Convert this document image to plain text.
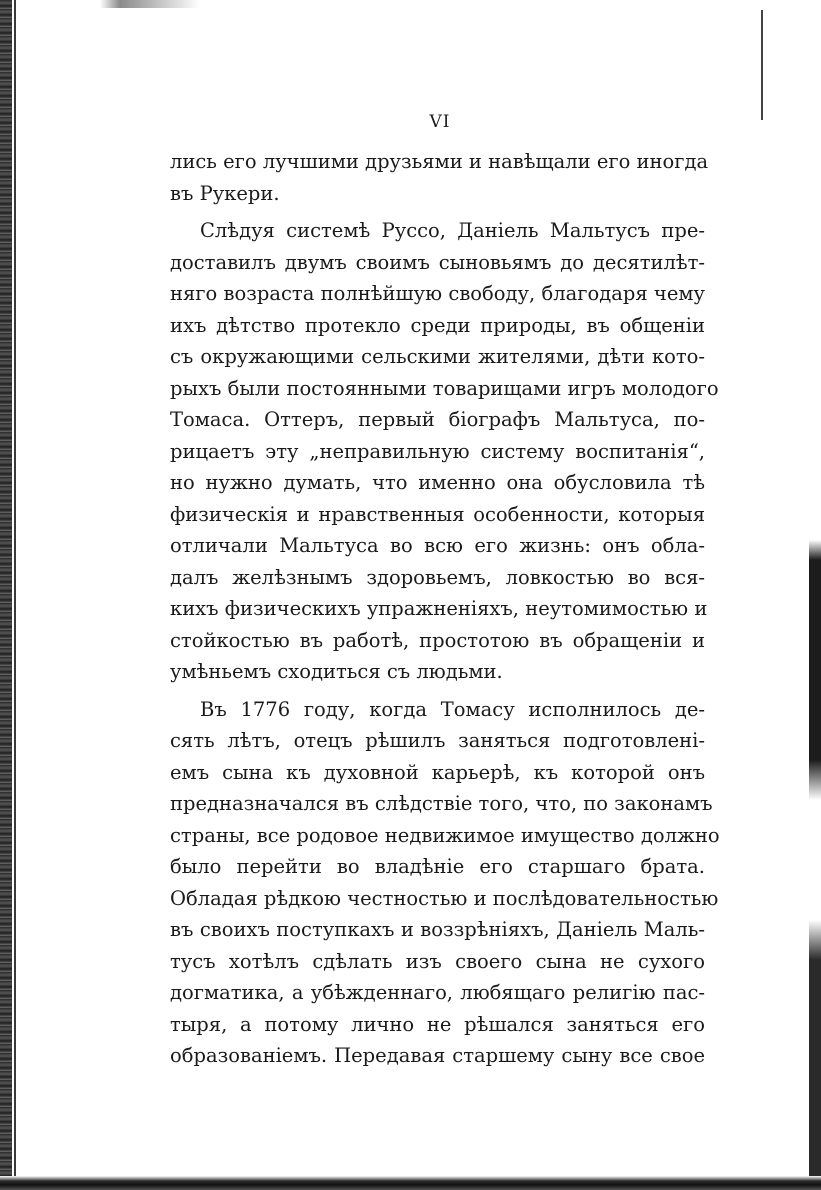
VI
лись его лучшими друзьями и навѣщали его иногда
въ Рукери.
Слѣдуя системѣ Руссо, Даніель Мальтусъ пре-
доставилъ двумъ своимъ сыновьямъ до десятилѣт-
няго возраста полнѣйшую свободу, благодаря чему
ихъ дѣтство протекло среди природы, въ общеніи
съ окружающими сельскими жителями, дѣти кото-
рыхъ были постоянными товарищами игръ молодого
Томаса. Оттеръ, первый біографъ Мальтуса, по-
рицаетъ эту „неправильную систему воспитанія“,
но нужно думать, что именно она обусловила тѣ
физическія и нравственныя особенности, которыя
отличали Мальтуса во всю его жизнь: онъ обла-
далъ желѣзнымъ здоровьемъ, ловкостью во вся-
кихъ физическихъ упражненіяхъ, неутомимостью и
стойкостью въ работѣ, простотою въ обращеніи и
умѣньемъ сходиться съ людьми.
Въ 1776 году, когда Томасу исполнилось де-
сять лѣтъ, отецъ рѣшилъ заняться подготовлені-
емъ сына къ духовной карьерѣ, къ которой онъ
предназначался въ слѣдствіе того, что, по законамъ
страны, все родовое недвижимое имущество должно
было перейти во владѣніе его старшаго брата.
Обладая рѣдкою честностью и послѣдовательностью
въ своихъ поступкахъ и воззрѣніяхъ, Даніель Маль-
тусъ хотѣлъ сдѣлать изъ своего сына не сухого
догматика, а убѣжденнаго, любящаго религію пас-
тыря, а потому лично не рѣшался заняться его
образованіемъ. Передавая старшему сыну все свое
